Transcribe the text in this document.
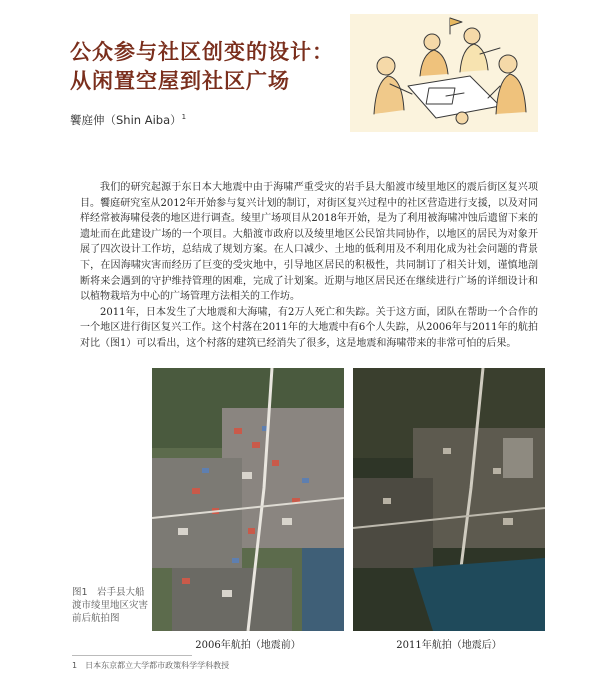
公众参与社区创变的设计：
从闲置空屋到社区广场
饗庭伸（Shin Aiba）$^1$

我们的研究起源于东日本大地震中由于海啸严重受灾的岩手县大船渡市绫里地区的震后街区复兴项目。饗庭研究室从2012年开始参与复兴计划的制订，对街区复兴过程中的社区营造进行支援，以及对同样经常被海啸侵袭的地区进行调查。绫里广场项目从2018年开始，是为了利用被海啸冲蚀后遗留下来的遗址而在此建设广场的一个项目。大船渡市政府以及绫里地区公民馆共同协作，以地区的居民为对象开展了四次设计工作坊，总结成了规划方案。在人口减少、土地的低利用及不利用化成为社会问题的背景下，在因海啸灾害而经历了巨变的受灾地中，引导地区居民的积极性，共同制订了相关计划，谨慎地剖断将来会遇到的守护维持管理的困难，完成了计划案。近期与地区居民还在继续进行广场的详细设计和以植物栽培为中心的广场管理方法相关的工作坊。

2011年，日本发生了大地震和大海啸，有2万人死亡和失踪。关于这方面，团队在帮助一个合作的一个地区进行街区复兴工作。这个村落在2011年的大地震中有6个人失踪，从2006年与2011年的航拍对比（图1）可以看出，这个村落的建筑已经消失了很多，这是地震和海啸带来的非常可怕的后果。

图1　岩手县大船渡市绫里地区灾害前后航拍图
2006年航拍（地震前）	2011年航拍（地震后）
1　日本东京都立大学都市政策科学学科教授
